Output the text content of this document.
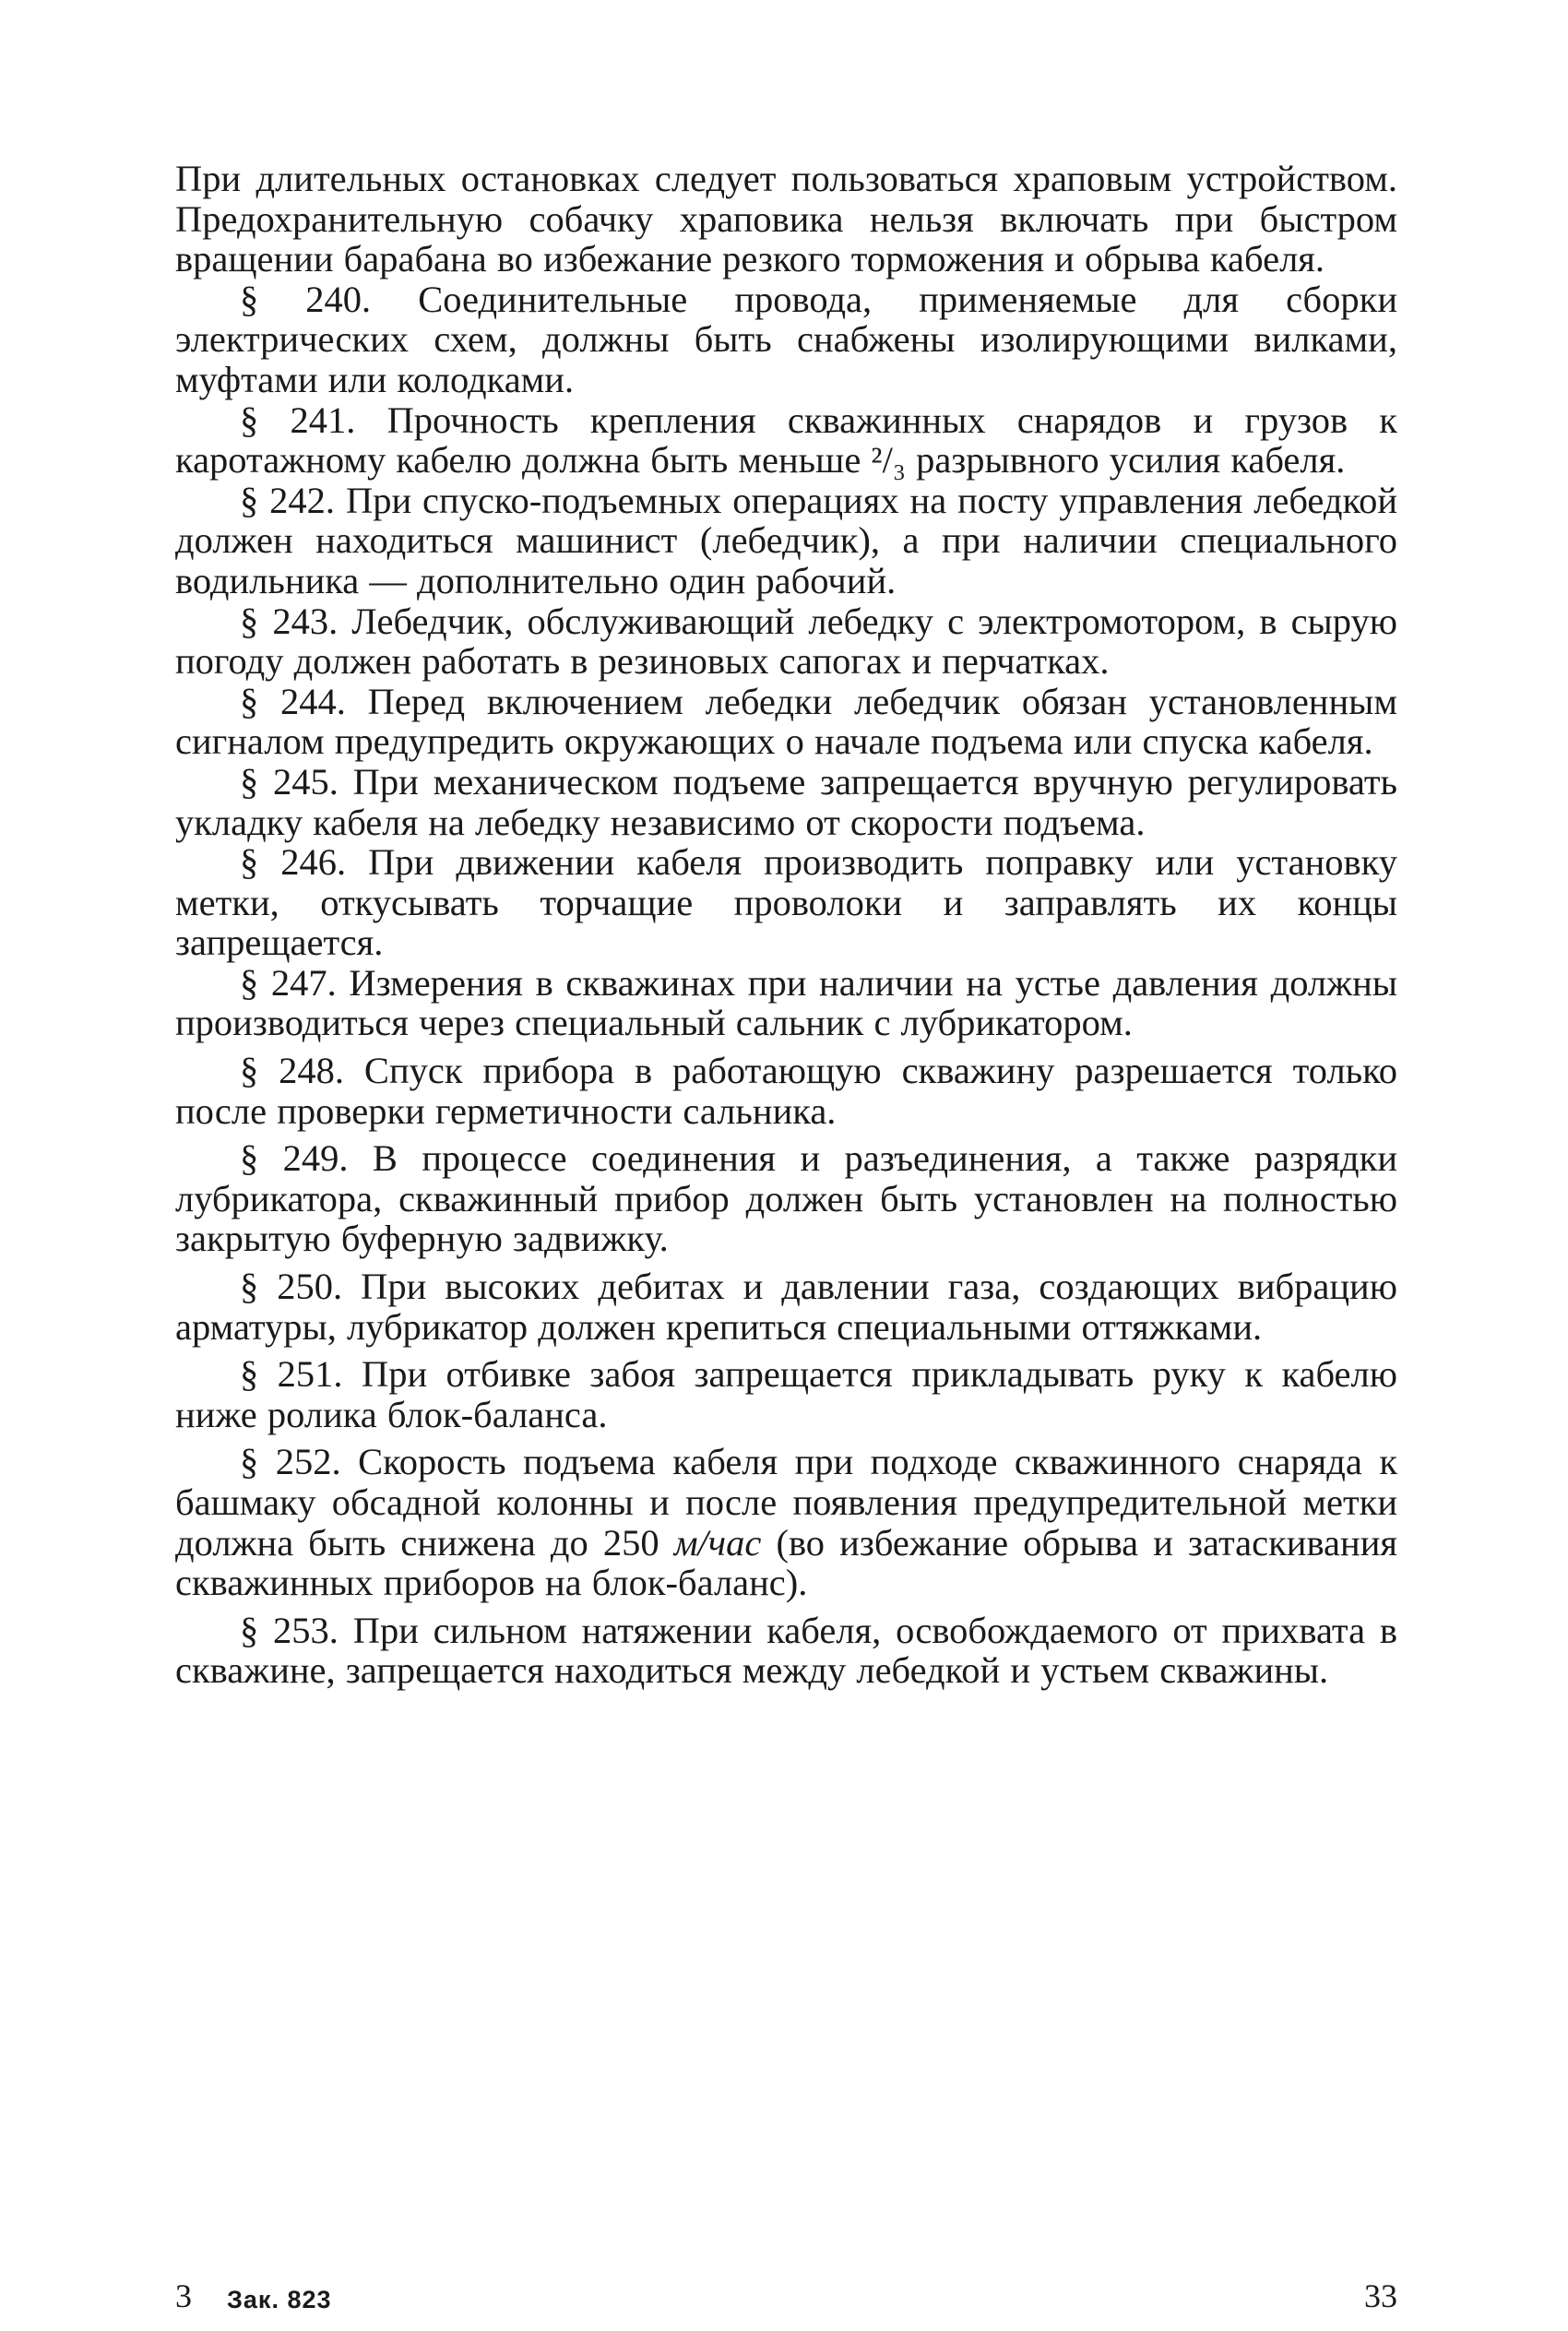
При длительных остановках следует пользоваться храповым устройством. Предохранительную собачку храповика нельзя включать при быстром вращении барабана во избежание резкого торможения и обрыва кабеля.

§ 240. Соединительные провода, применяемые для сборки электрических схем, должны быть снабжены изолирующими вилками, муфтами или колодками.

§ 241. Прочность крепления скважинных снарядов и грузов к каротажному кабелю должна быть меньше ²/₃ разрывного усилия кабеля.

§ 242. При спуско-подъемных операциях на посту управления лебедкой должен находиться машинист (лебедчик), а при наличии специального водильника — дополнительно один рабочий.

§ 243. Лебедчик, обслуживающий лебедку с электромотором, в сырую погоду должен работать в резиновых сапогах и перчатках.

§ 244. Перед включением лебедки лебедчик обязан установленным сигналом предупредить окружающих о начале подъема или спуска кабеля.

§ 245. При механическом подъеме запрещается вручную регулировать укладку кабеля на лебедку независимо от скорости подъема.

§ 246. При движении кабеля производить поправку или установку метки, откусывать торчащие проволоки и заправлять их концы запрещается.

§ 247. Измерения в скважинах при наличии на устье давления должны производиться через специальный сальник с лубрикатором.

§ 248. Спуск прибора в работающую скважину разрешается только после проверки герметичности сальника.

§ 249. В процессе соединения и разъединения, а также разрядки лубрикатора, скважинный прибор должен быть установлен на полностью закрытую буферную задвижку.

§ 250. При высоких дебитах и давлении газа, создающих вибрацию арматуры, лубрикатор должен крепиться специальными оттяжками.

§ 251. При отбивке забоя запрещается прикладывать руку к кабелю ниже ролика блок-баланса.

§ 252. Скорость подъема кабеля при подходе скважинного снаряда к башмаку обсадной колонны и после появления предупредительной метки должна быть снижена до 250 м/час (во избежание обрыва и затаскивания скважинных приборов на блок-баланс).

§ 253. При сильном натяжении кабеля, освобождаемого от прихвата в скважине, запрещается находиться между лебедкой и устьем скважины.

3 Зак. 823	33
